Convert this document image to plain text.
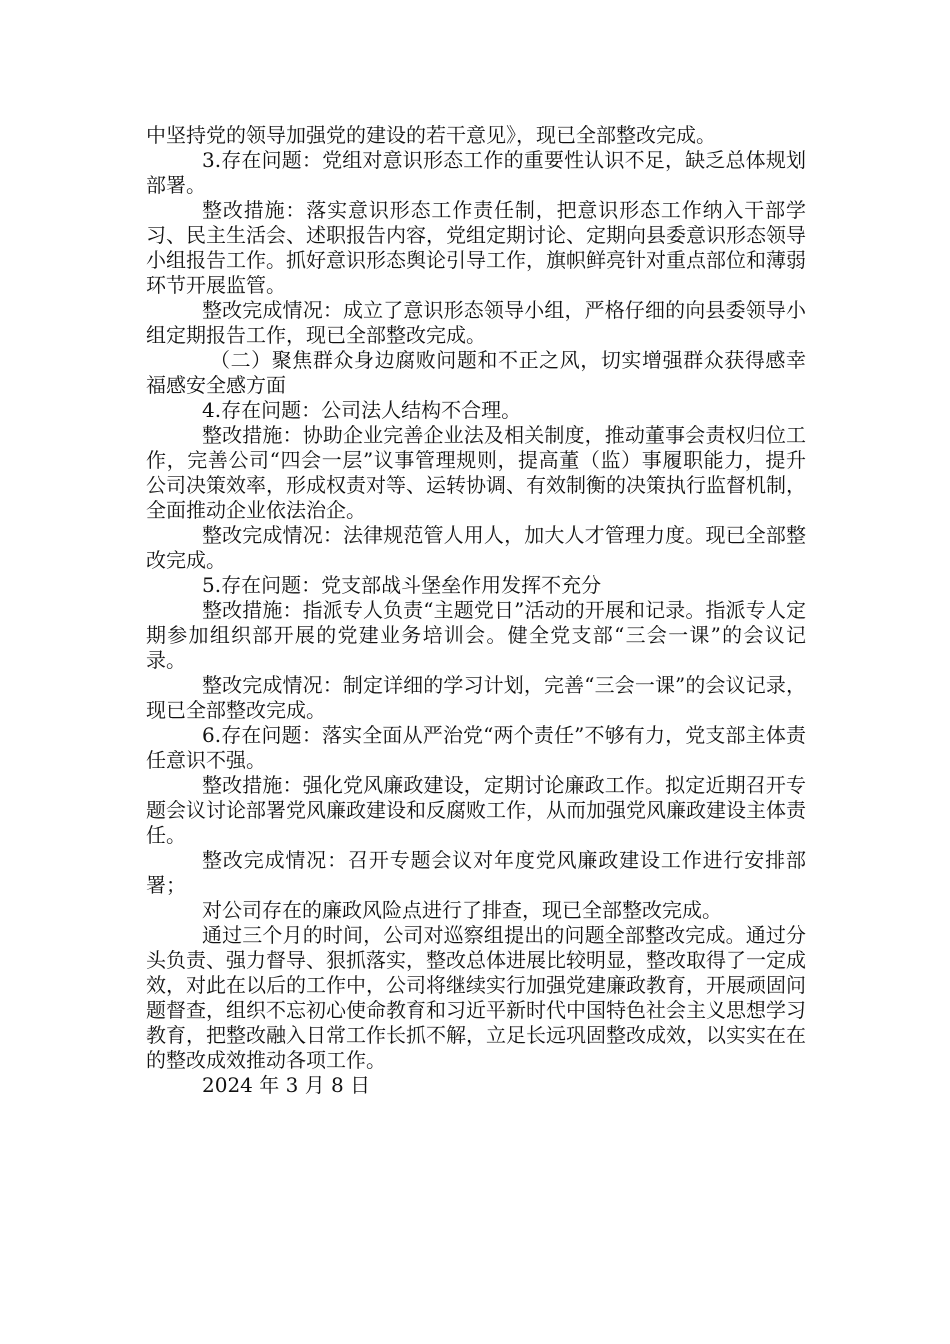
中坚持党的领导加强党的建设的若干意见》，现已全部整改完成。

3.存在问题：党组对意识形态工作的重要性认识不足，缺乏总体规划部署。

整改措施：落实意识形态工作责任制，把意识形态工作纳入干部学习、民主生活会、述职报告内容，党组定期讨论、定期向县委意识形态领导小组报告工作。抓好意识形态舆论引导工作，旗帜鲜亮针对重点部位和薄弱环节开展监管。

整改完成情况：成立了意识形态领导小组，严格仔细的向县委领导小组定期报告工作，现已全部整改完成。

（二）聚焦群众身边腐败问题和不正之风，切实增强群众获得感幸福感安全感方面

4.存在问题：公司法人结构不合理。

整改措施：协助企业完善企业法及相关制度，推动董事会责权归位工作，完善公司“四会一层”议事管理规则，提高董（监）事履职能力，提升公司决策效率，形成权责对等、运转协调、有效制衡的决策执行监督机制，全面推动企业依法治企。

整改完成情况：法律规范管人用人，加大人才管理力度。现已全部整改完成。

5.存在问题：党支部战斗堡垒作用发挥不充分

整改措施：指派专人负责“主题党日”活动的开展和记录。指派专人定期参加组织部开展的党建业务培训会。健全党支部“三会一课”的会议记录。

整改完成情况：制定详细的学习计划，完善“三会一课”的会议记录，现已全部整改完成。

6.存在问题：落实全面从严治党“两个责任”不够有力，党支部主体责任意识不强。

整改措施：强化党风廉政建设，定期讨论廉政工作。拟定近期召开专题会议讨论部署党风廉政建设和反腐败工作，从而加强党风廉政建设主体责任。

整改完成情况：召开专题会议对年度党风廉政建设工作进行安排部署；

对公司存在的廉政风险点进行了排查，现已全部整改完成。

通过三个月的时间，公司对巡察组提出的问题全部整改完成。通过分头负责、强力督导、狠抓落实，整改总体进展比较明显，整改取得了一定成效，对此在以后的工作中，公司将继续实行加强党建廉政教育，开展顽固问题督查，组织不忘初心使命教育和习近平新时代中国特色社会主义思想学习教育，把整改融入日常工作长抓不解，立足长远巩固整改成效，以实实在在的整改成效推动各项工作。

2024 年 3 月 8 日
